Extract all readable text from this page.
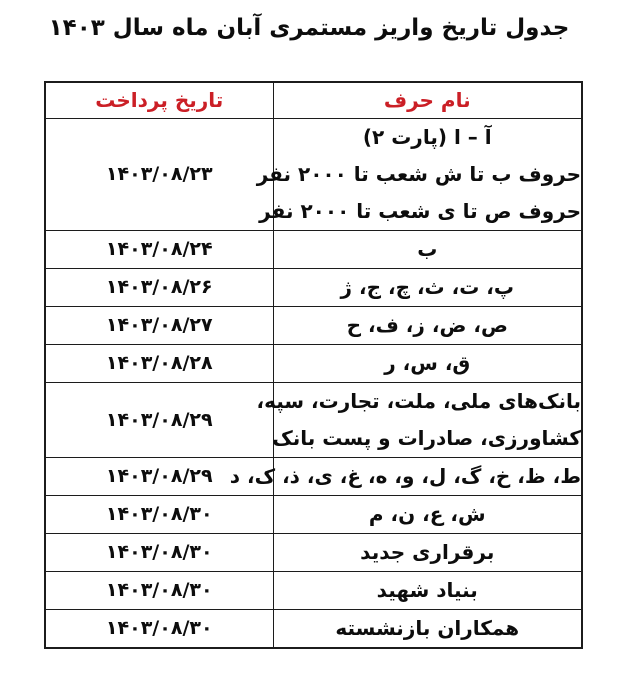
جدول تاریخ واریز مستمری آبان ماه سال ۱۴۰۳
نام حرف	تاریخ پرداخت

آ – ا (پارت ۲)
حروف ب تا ش شعب تا ۲۰۰۰ نفر
حروف ص تا ی شعب تا ۲۰۰۰ نفر	۱۴۰۳/۰۸/۲۳

ب	۱۴۰۳/۰۸/۲۴

پ، ت، ث، چ، ج، ژ	۱۴۰۳/۰۸/۲۶

ص، ض، ز، ف، ح	۱۴۰۳/۰۸/۲۷

ق، س، ر	۱۴۰۳/۰۸/۲۸

بانک‌های ملی، ملت، تجارت، سپه،
کشاورزی، صادرات و پست بانک	۱۴۰۳/۰۸/۲۹

ط، ظ، خ، گ، ل، و، ه، غ، ی، ذ، ک، د	۱۴۰۳/۰۸/۲۹

ش، ع، ن، م	۱۴۰۳/۰۸/۳۰

برقراری جدید	۱۴۰۳/۰۸/۳۰

بنیاد شهید	۱۴۰۳/۰۸/۳۰

همکاران بازنشسته	۱۴۰۳/۰۸/۳۰
